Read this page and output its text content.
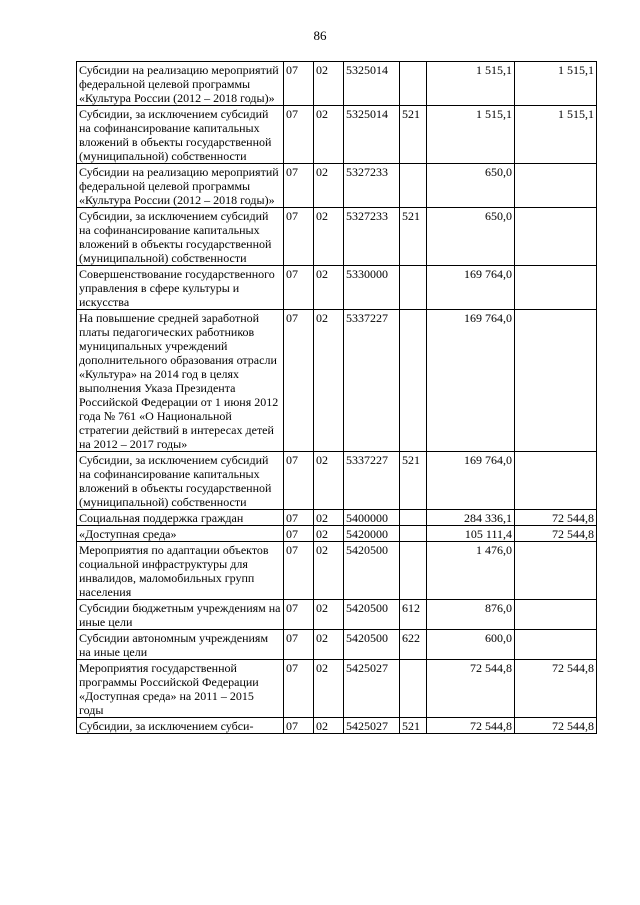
86
Субсидии на реализацию мероприятий федеральной целевой программы «Культура России (2012 – 2018 годы)»	07	02	5325014		1 515,1	1 515,1
Субсидии, за исключением субсидий на софинансирование капитальных вложений в объекты государственной (муниципальной) собственности	07	02	5325014	521	1 515,1	1 515,1
Субсидии на реализацию мероприятий федеральной целевой программы «Культура России (2012 – 2018 годы)»	07	02	5327233		650,0	
Субсидии, за исключением субсидий на софинансирование капитальных вложений в объекты государственной (муниципальной) собственности	07	02	5327233	521	650,0	
Совершенствование государственного управления в сфере культуры и искусства	07	02	5330000		169 764,0	
На повышение средней заработной платы педагогических работников муниципальных учреждений дополнительного образования отрасли «Культура» на 2014 год в целях выполнения Указа Президента Российской Федерации от 1 июня 2012 года № 761 «О Национальной стратегии действий в интересах детей на 2012 – 2017 годы»	07	02	5337227		169 764,0	
Субсидии, за исключением субсидий на софинансирование капитальных вложений в объекты государственной (муниципальной) собственности	07	02	5337227	521	169 764,0	
Социальная поддержка граждан	07	02	5400000		284 336,1	72 544,8
«Доступная среда»	07	02	5420000		105 111,4	72 544,8
Мероприятия по адаптации объектов социальной инфраструктуры для инвалидов, маломобильных групп населения	07	02	5420500		1 476,0	
Субсидии бюджетным учреждениям на иные цели	07	02	5420500	612	876,0	
Субсидии автономным учреждениям на иные цели	07	02	5420500	622	600,0	
Мероприятия государственной программы Российской Федерации «Доступная среда» на 2011 – 2015 годы	07	02	5425027		72 544,8	72 544,8
Субсидии, за исключением субси-	07	02	5425027	521	72 544,8	72 544,8
